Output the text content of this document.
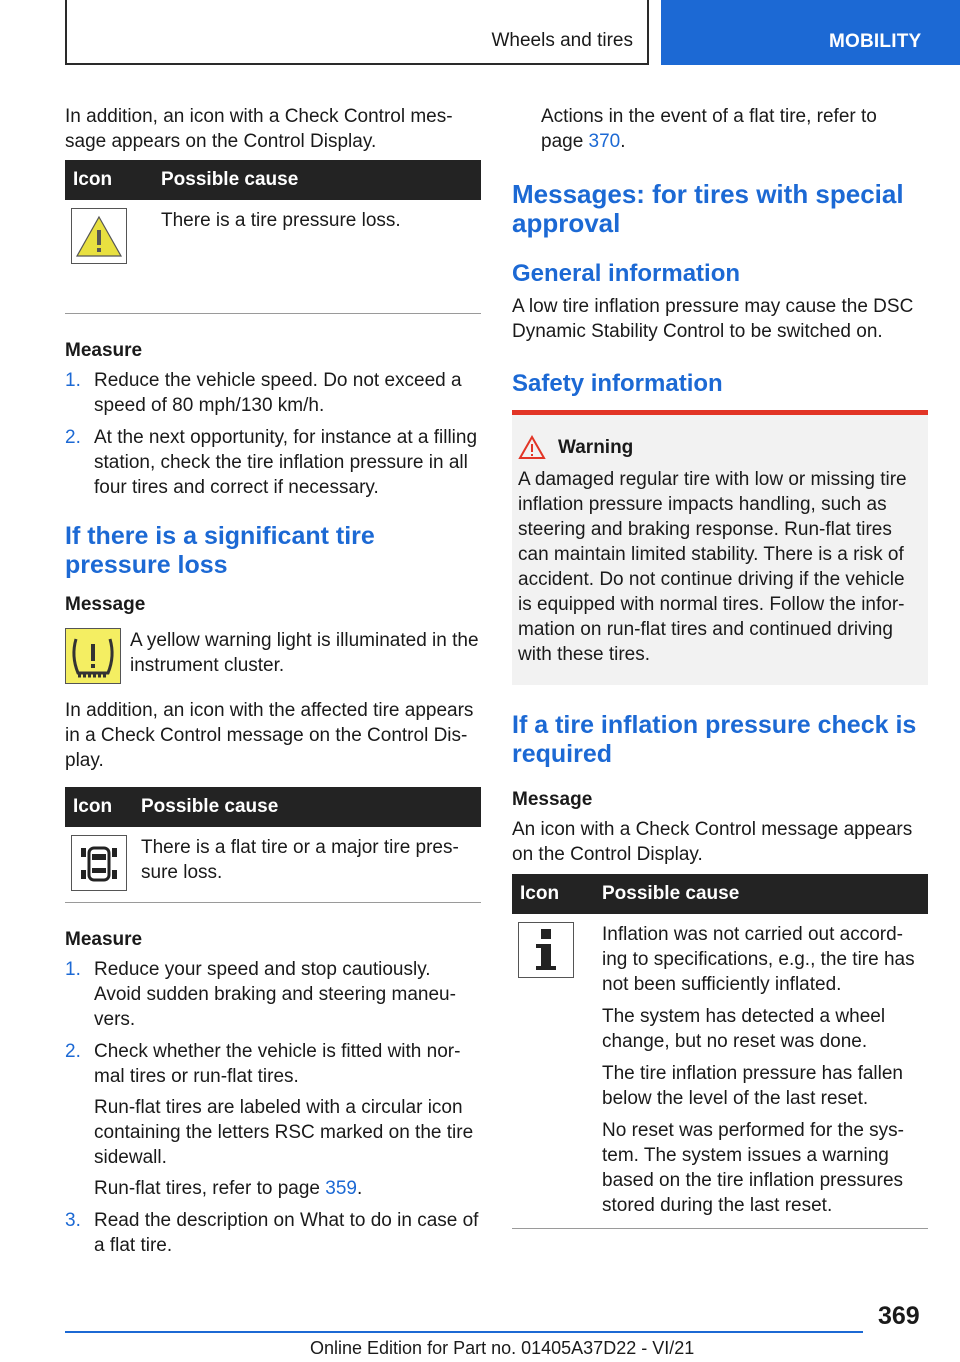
Wheels and tires	MOBILITY

In addition, an icon with a Check Control mes-sage appears on the Control Display.

Icon	Possible cause

There is a tire pressure loss.

Measure
1. Reduce the vehicle speed. Do not exceed a speed of 80 mph/130 km/h.
2. At the next opportunity, for instance at a filling station, check the tire inflation pressure in all four tires and correct if necessary.
If there is a significant tire pressure loss
Message

A yellow warning light is illuminated in the instrument cluster.

In addition, an icon with the affected tire appears in a Check Control message on the Control Dis-play.

Icon	Possible cause

There is a flat tire or a major tire pres-sure loss.

Measure
1. Reduce your speed and stop cautiously. Avoid sudden braking and steering maneu-vers.
2. Check whether the vehicle is fitted with nor-mal tires or run-flat tires.
Run-flat tires are labeled with a circular icon containing the letters RSC marked on the tire sidewall.
Run-flat tires, refer to page 359.
3. Read the description on What to do in case of a flat tire.

Actions in the event of a flat tire, refer to page 370.

Messages: for tires with special approval
General information

A low tire inflation pressure may cause the DSC Dynamic Stability Control to be switched on.

Safety information
Warning

A damaged regular tire with low or missing tire inflation pressure impacts handling, such as steering and braking response. Run-flat tires can maintain limited stability. There is a risk of accident. Do not continue driving if the vehicle is equipped with normal tires. Follow the infor-mation on run-flat tires and continued driving with these tires.

If a tire inflation pressure check is required
Message

An icon with a Check Control message appears on the Control Display.

Icon	Possible cause

Inflation was not carried out accord-ing to specifications, e.g., the tire has not been sufficiently inflated.

The system has detected a wheel change, but no reset was done.

The tire inflation pressure has fallen below the level of the last reset.

No reset was performed for the sys-tem. The system issues a warning based on the tire inflation pressures stored during the last reset.

369
Online Edition for Part no. 01405A37D22 - VI/21
